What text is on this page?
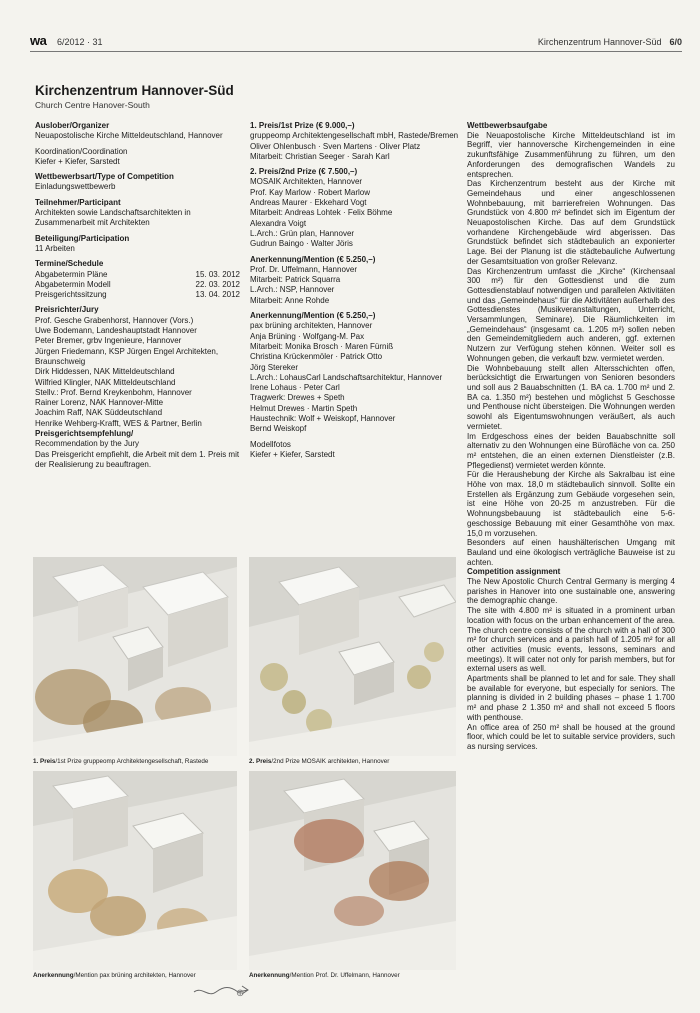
wa 6/2012 · 31	Kirchenzentrum Hannover-Süd 6/0
Kirchenzentrum Hannover-Süd
Church Centre Hanover-South
Auslober/Organizer

Neuapostolische Kirche Mitteldeutschland, Hannover

Koordination/Coordination

Kiefer + Kiefer, Sarstedt

Wettbewerbsart/Type of Competition

Einladungswettbewerb

Teilnehmer/Participant

Architekten sowie Landschaftsarchitekten in Zusammenarbeit mit Architekten

Beteiligung/Participation

11 Arbeiten

Termine/Schedule
Abgabetermin Pläne	15. 03. 2012
Abgabetermin Modell	22. 03. 2012
Preisgerichtssitzung	13. 04. 2012
Preisrichter/Jury

Prof. Gesche Grabenhorst, Hannover (Vors.)

Uwe Bodemann, Landeshauptstadt Hannover

Peter Bremer, grbv Ingenieure, Hannover

Jürgen Friedemann, KSP Jürgen Engel Architekten, Braunschweig

Dirk Hiddessen, NAK Mitteldeutschland

Wilfried Klingler, NAK Mitteldeutschland

Stellv.: Prof. Bernd Kreykenbohm, Hannover

Rainer Lorenz, NAK Hannover-Mitte

Joachim Raff, NAK Süddeutschland

Henrike Wehberg-Krafft, WES & Partner, Berlin

Preisgerichtsempfehlung/

Recommendation by the Jury

Das Preisgericht empfiehlt, die Arbeit mit dem 1. Preis mit der Realisierung zu beauftragen.

1. Preis/1st Prize (€ 9.000,–)

gruppeomp Architektengesellschaft mbH, Rastede/Bremen

Oliver Ohlenbusch · Sven Martens · Oliver Platz

Mitarbeit: Christian Seeger · Sarah Karl

2. Preis/2nd Prize (€ 7.500,–)

MOSAIK Architekten, Hannover

Prof. Kay Marlow · Robert Marlow

Andreas Maurer · Ekkehard Vogt

Mitarbeit: Andreas Lohtek · Felix Böhme

Alexandra Voigt

L.Arch.: Grün plan, Hannover

Gudrun Baingo · Walter Jöris

Anerkennung/Mention (€ 5.250,–)

Prof. Dr. Uffelmann, Hannover

Mitarbeit: Patrick Squarra

L.Arch.: NSP, Hannover

Mitarbeit: Anne Rohde

Anerkennung/Mention (€ 5.250,–)

pax brüning architekten, Hannover

Anja Brüning · Wolfgang-M. Pax

Mitarbeit: Monika Brosch · Maren Fürniß

Christina Krückenmöler · Patrick Otto

Jörg Stereker

L.Arch.: LohausCarl Landschaftsarchitektur, Hannover

Irene Lohaus · Peter Carl

Tragwerk: Drewes + Speth

Helmut Drewes · Martin Speth

Haustechnik: Wolf + Weiskopf, Hannover

Bernd Weiskopf

Modellfotos

Kiefer + Kiefer, Sarstedt

Wettbewerbsaufgabe

Die Neuapostolische Kirche Mitteldeutschland ist im Begriff, vier hannoversche Kirchengemeinden in eine zukunftsfähige Zusammenführung zu führen, um den Anforderungen des demografischen Wandels zu entsprechen.

Das Kirchenzentrum besteht aus der Kirche mit Gemeindehaus und einer angeschlossenen Wohnbebauung, mit barrierefreien Wohnungen. Das Grundstück von 4.800 m² befindet sich im Eigentum der Neuapostolischen Kirche. Das auf dem Grundstück vorhandene Kirchengebäude wird abgerissen. Das Grundstück befindet sich städtebaulich an exponierter Lage. Bei der Planung ist die städtebauliche Aufwertung der Gesamtsituation von großer Relevanz.

Das Kirchenzentrum umfasst die „Kirche“ (Kirchensaal 300 m²) für den Gottesdienst und die zum Gottesdienstablauf notwendigen und parallelen Aktivitäten und das „Gemeindehaus“ für die Aktivitäten außerhalb des Gottesdienstes (Musikveranstaltungen, Unterricht, Versammlungen, Seminare). Die Räumlichkeiten im „Gemeindehaus“ (insgesamt ca. 1.205 m²) sollen neben den Gemeindemitgliedern auch anderen, ggf. externen Nutzern zur Verfügung stehen können. Weiter soll es Wohnungen geben, die verkauft bzw. vermietet werden.

Die Wohnbebauung stellt allen Altersschichten offen, berücksichtigt die Erwartungen von Senioren besonders und soll aus 2 Bauabschnitten (1. BA ca. 1.700 m² und 2. BA ca. 1.350 m²) bestehen und möglichst 5 Geschosse und Penthouse nicht übersteigen. Die Wohnungen werden sowohl als Eigentumswohnungen veräußert, als auch vermietet.

Im Erdgeschoss eines der beiden Bauabschnitte soll alternativ zu den Wohnungen eine Bürofläche von ca. 250 m² entstehen, die an einen externen Dienstleister (z.B. Pflegedienst) vermietet werden könnte.

Für die Heraushebung der Kirche als Sakralbau ist eine Höhe von max. 18,0 m städtebaulich sinnvoll. Sollte ein Erstellen als Ergänzung zum Gebäude vorgesehen sein, ist eine Höhe von 20-25 m anzustreben. Für die Wohnungsbebauung ist städtebaulich eine 5-6-geschossige Bebauung mit einer Gesamthöhe von max. 15,0 m vorzusehen.

Besonders auf einen haushälterischen Umgang mit Bauland und eine ökologisch verträgliche Bauweise ist zu achten.

Competition assignment

The New Apostolic Church Central Germany is merging 4 parishes in Hanover into one sustainable one, answering the demographic change.

The site with 4.800 m² is situated in a prominent urban location with focus on the urban enhancement of the area. The church centre consists of the church with a hall of 300 m² for church services and a parish hall of 1.205 m² for all other activities (music events, lessons, seminars and meetings). It will cater not only for parish members, but for external users as well.

Apartments shall be planned to let and for sale. They shall be available for everyone, but especially for seniors. The planning is divided in 2 building phases – phase 1 1.700 m² and phase 2 1.350 m² and shall not exceed 5 floors with penthouse.

An office area of 250 m² shall be housed at the ground floor, which could be let to suitable service providers, such as nursing services.

1. Preis/1st Prize gruppeomp Architektengesellschaft, Rastede	2. Preis/2nd Prize MOSAIK architekten, Hannover
Anerkennung/Mention pax brüning architekten, Hannover	Anerkennung/Mention Prof. Dr. Uffelmann, Hannover
⊕
